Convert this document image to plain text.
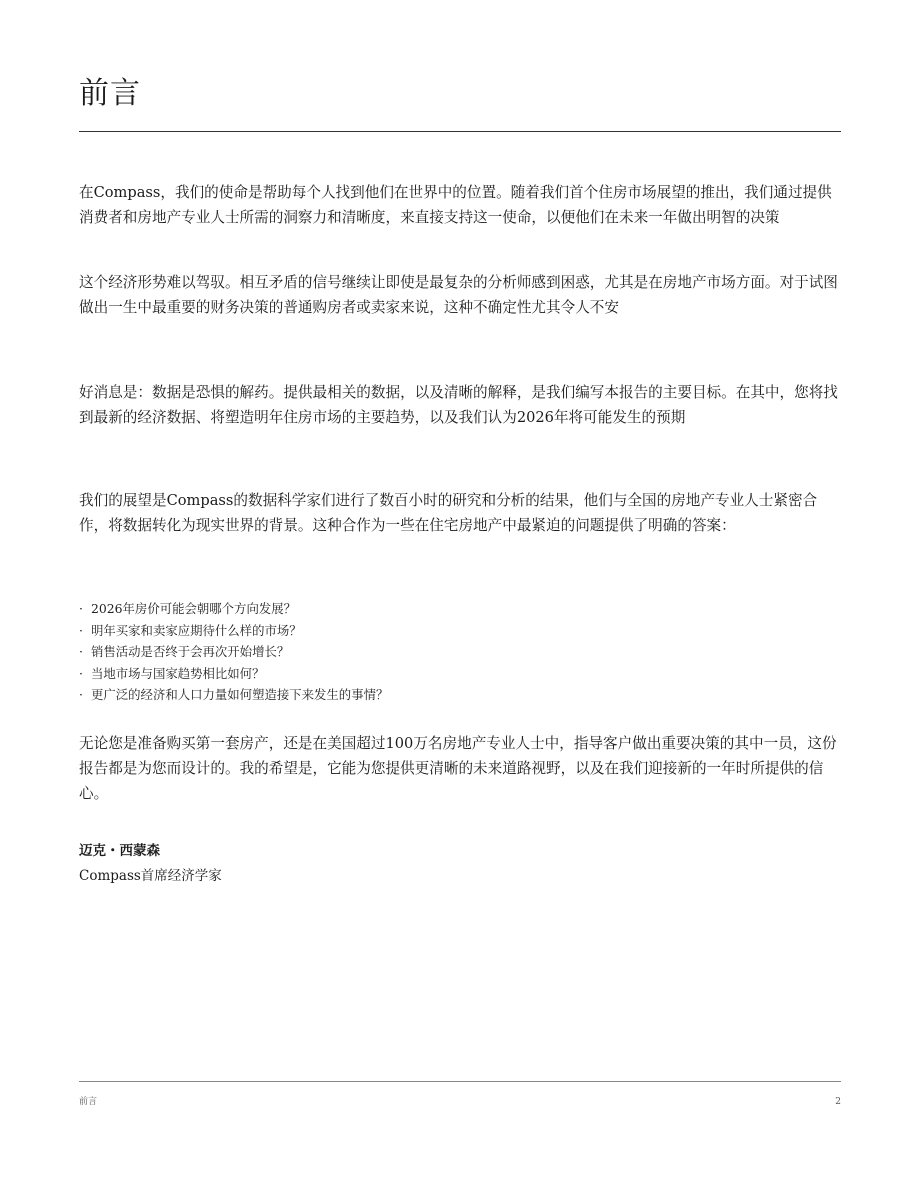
前言

在Compass，我们的使命是帮助每个人找到他们在世界中的位置。随着我们首个住房市场展望的推出，我们通过提供消费者和房地产专业人士所需的洞察力和清晰度，来直接支持这一使命，以便他们在未来一年做出明智的决策

这个经济形势难以驾驭。相互矛盾的信号继续让即使是最复杂的分析师感到困惑，尤其是在房地产市场方面。对于试图做出一生中最重要的财务决策的普通购房者或卖家来说，这种不确定性尤其令人不安

好消息是：数据是恐惧的解药。提供最相关的数据，以及清晰的解释，是我们编写本报告的主要目标。在其中，您将找到最新的经济数据、将塑造明年住房市场的主要趋势，以及我们认为2026年将可能发生的预期

我们的展望是Compass的数据科学家们进行了数百小时的研究和分析的结果，他们与全国的房地产专业人士紧密合作，将数据转化为现实世界的背景。这种合作为一些在住宅房地产中最紧迫的问题提供了明确的答案：

· 2026年房价可能会朝哪个方向发展？
· 明年买家和卖家应期待什么样的市场？
· 销售活动是否终于会再次开始增长？
· 当地市场与国家趋势相比如何？
· 更广泛的经济和人口力量如何塑造接下来发生的事情？

无论您是准备购买第一套房产，还是在美国超过100万名房地产专业人士中，指导客户做出重要决策的其中一员，这份报告都是为您而设计的。我的希望是，它能为您提供更清晰的未来道路视野，以及在我们迎接新的一年时所提供的信心。

迈克・西蒙森

Compass首席经济学家

前言	2
